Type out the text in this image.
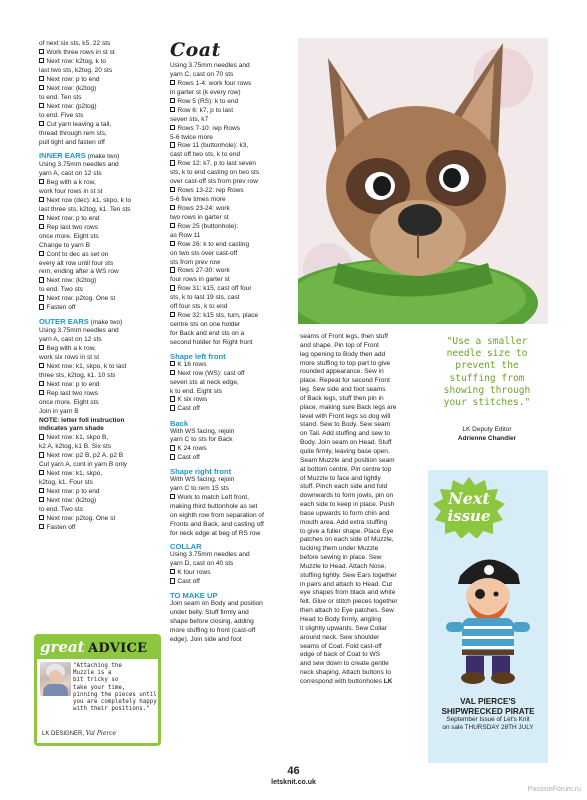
of next six sts, k5. 22 sts

Work three rows in st st

Next row: k2tog, k to

last two sts, k2tog. 20 sts

Next row: p to end

Next row: (k2tog)

to end. Ten sts

Next row: (p2tog)

to end. Five sts

Cut yarn leaving a tail,

thread through rem sts,

pull tight and fasten off

INNER EARS (make two)

Using 3.75mm needles and

yarn A, cast on 12 sts

Beg with a k row,

work four rows in st st

Next row (dec): k1, skpo, k to

last three sts, k2tog, k1. Ten sts

Next row: p to end

Rep last two rows

once more. Eight sts

Change to yarn B

Cont to dec as set on

every alt row until four sts

rem, ending after a WS row

Next row: (k2tog)

to end. Two sts

Next row: p2tog. One st

Fasten off

OUTER EARS (make two)

Using 3.75mm needles and

yarn A, cast on 12 sts

Beg with a k row,

work six rows in st st

Next row: k1, skpo, k to last

three sts, k2tog, k1. 10 sts

Next row: p to end

Rep last two rows

once more. Eight sts

Join in yarn B

NOTE: letter foll instruction

indicates yarn shade

Next row: k1, skpo B,

k2 A, k2tog, k1 B. Six sts

Next row: p2 B, p2 A, p2 B

Cut yarn A, cont in yarn B only

Next row: k1, skpo,

k2tog, k1. Four sts

Next row: p to end

Next row: (k2tog)

to end. Two sts

Next row: p2tog. One st

Fasten off

great ADVICE
"Attaching the
Muzzle is a
bit tricky so
take your time,
pinning the pieces until
you are completely happy
with their positions."
LK DESIGNER, Val Pierce

Coat

Using 3.75mm needles and

yarn C, cast on 70 sts

Rows 1-4: work four rows

in garter st (k every row)

Row 5 (RS): k to end

Row 6: k7, p to last

seven sts, k7

Rows 7-10: rep Rows

5-6 twice more

Row 11 (buttonhole): k3,

cast off two sts, k to end

Row 12: k7, p to last seven

sts, k to end casting on two sts

over cast-off sts from prev row

Rows 13-22: rep Rows

5-6 five times more

Rows 23-24: work

two rows in garter st

Row 25 (buttonhole):

as Row 11

Row 26: k to end casting

on two sts over cast-off

sts from prev row

Rows 27-30: work

four rows in garter st

Row 31: k15, cast off four

sts, k to last 19 sts, cast

off four sts, k to end

Row 32: k15 sts, turn, place

centre sts on one holder

for Back and end sts on a

second holder for Right front

Shape left front

K 16 rows

Next row (WS): cast off

seven sts at neck edge,

k to end. Eight sts

K six rows

Cast off

Back

With WS facing, rejoin

yarn C to sts for Back

K 24 rows

Cast off

Shape right front

With WS facing, rejoin

yarn C to rem 15 sts

Work to match Left front,

making third buttonhole as set

on eighth row from separation of

Fronts and Back, and casting off

for neck edge at beg of RS row

COLLAR

Using 3.75mm needles and

yarn D, cast on 40 sts

K four rows

Cast off

TO MAKE UP

Join seam on Body and position

under belly. Stuff firmly and

shape before closing, adding

more stuffing to front (cast-off

edge). Join side and foot

seams of Front legs, then stuff

and shape. Pin top of Front

leg opening to Body then add

more stuffing to top part to give

rounded appearance. Sew in

place. Repeat for second Front

leg. Sew side and foot seams

of Back legs, stuff then pin in

place, making sure Back legs are

level with Front legs so dog will

stand. Sew to Body. Sew seam

on Tail. Add stuffing and sew to

Body. Join seam on Head. Stuff

quite firmly, leaving base open.

Seam Muzzle and position seam

at bottom centre. Pin centre top

of Muzzle to face and lightly

stuff. Pinch each side and fold

downwards to form jowls, pin on

each side to keep in place. Push

base upwards to form chin and

mouth area. Add extra stuffing

to give a fuller shape. Place Eye

patches on each side of Muzzle,

tucking them under Muzzle

before sewing in place. Sew

Muzzle to Head. Attach Nose,

stuffing lightly. Sew Ears together

in pairs and attach to Head. Cut

eye shapes from black and white

felt. Glue or stitch pieces together

then attach to Eye patches. Sew

Head to Body firmly, angling

it slightly upwards. Sew Collar

around neck. Sew shoulder

seams of Coat. Fold cast-off

edge of back of Coat to WS

and sew down to create gentle

neck shaping. Attach buttons to

correspond with buttonholes LK

"Use a smaller
needle size to
prevent the
stuffing from
showing through
your stitches."

LK Deputy Editor

Adrienne Chandler

Next
issue

VAL PIERCE'S

SHIPWRECKED PIRATE

September Issue of Let's Knit

on sale THURSDAY 28TH JULY

46
letsknit.co.uk
PassionForum.ru
